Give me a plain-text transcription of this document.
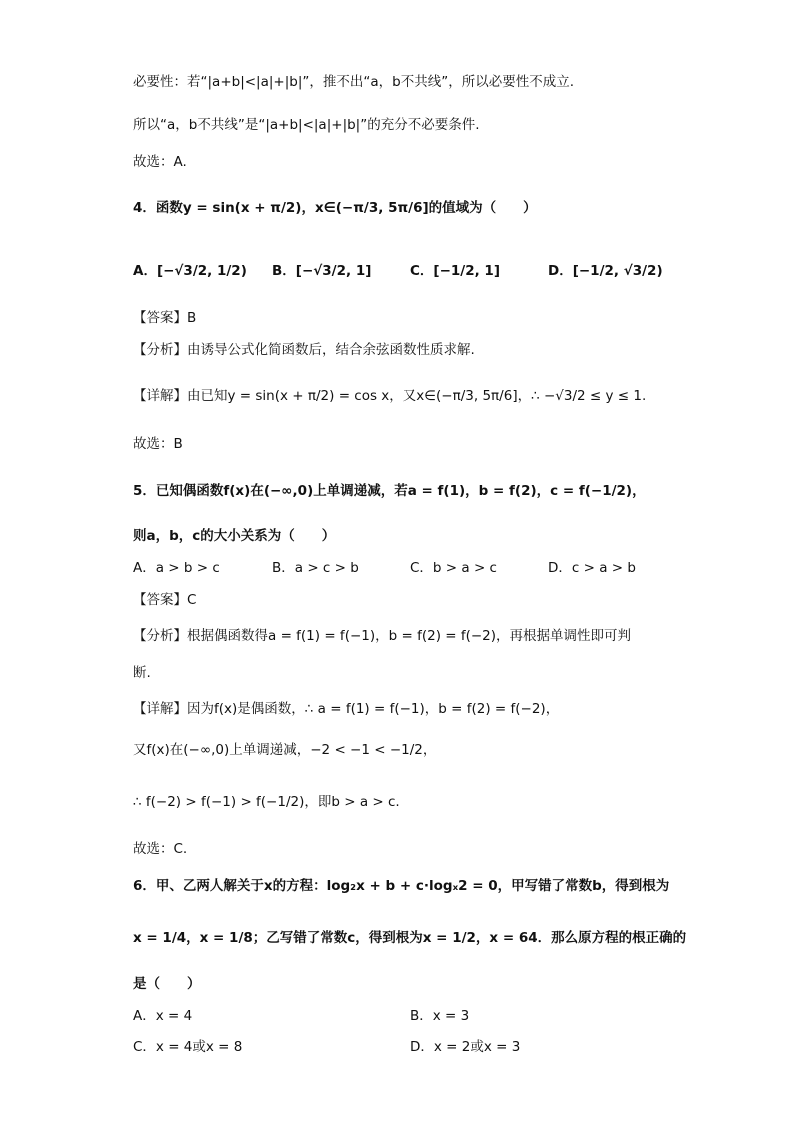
必要性：若“|a+b|<|a|+|b|”，推不出“a，b不共线”，所以必要性不成立.
所以“a，b不共线”是“|a+b|<|a|+|b|”的充分不必要条件.
故选：A.
4．函数y = sin(x + π/2)，x∈(−π/3, 5π/6]的值域为（　　）
A．[−√3/2, 1/2) B．[−√3/2, 1]	C．[−1/2, 1]	D．[−1/2, √3/2)
【答案】B
【分析】由诱导公式化简函数后，结合余弦函数性质求解.
【详解】由已知y = sin(x + π/2) = cos x，又x∈(−π/3, 5π/6]，∴ −√3/2 ≤ y ≤ 1.
故选：B
5．已知偶函数f(x)在(−∞,0)上单调递减，若a = f(1)，b = f(2)，c = f(−1/2)，
则a，b，c的大小关系为（　　）
A．a > b > c	B．a > c > b	C．b > a > c	D．c > a > b
【答案】C
【分析】根据偶函数得a = f(1) = f(−1)，b = f(2) = f(−2)，再根据单调性即可判
断.
【详解】因为f(x)是偶函数，∴ a = f(1) = f(−1)，b = f(2) = f(−2)，
又f(x)在(−∞,0)上单调递减，−2 < −1 < −1/2，
∴ f(−2) > f(−1) > f(−1/2)，即b > a > c.
故选：C.
6．甲、乙两人解关于x的方程：log₂x + b + c·logₓ2 = 0，甲写错了常数b，得到根为
x = 1/4，x = 1/8；乙写错了常数c，得到根为x = 1/2，x = 64．那么原方程的根正确的
是（　　）
A．x = 4	B．x = 3
C．x = 4或x = 8	D．x = 2或x = 3
